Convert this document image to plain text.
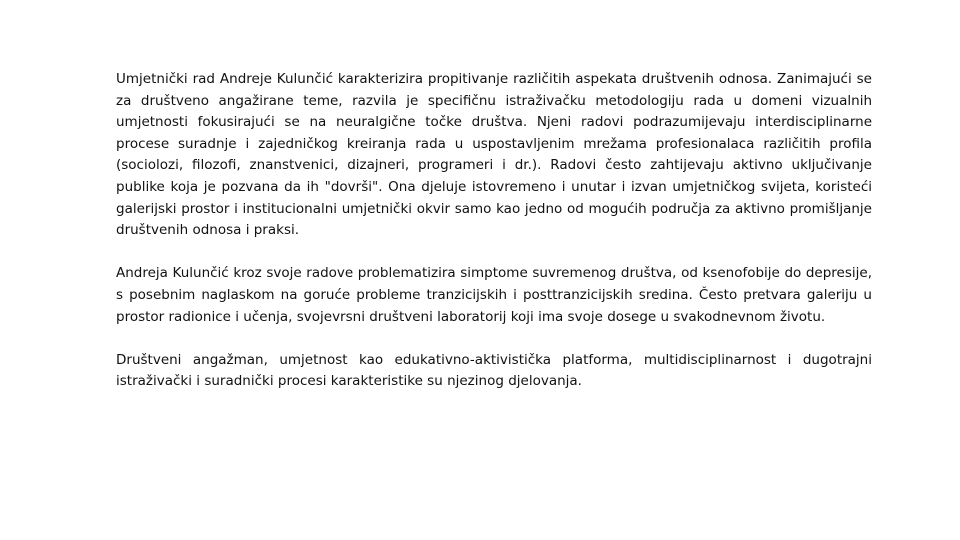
Umjetnički rad Andreje Kulunčić karakterizira propitivanje različitih aspekata društvenih odnosa. Zanimajući se za društveno angažirane teme, razvila je specifičnu istraživačku metodologiju rada u domeni vizualnih umjetnosti fokusirajući se na neuralgične točke društva. Njeni radovi podrazumijevaju interdisciplinarne procese suradnje i zajedničkog kreiranja rada u uspostavljenim mrežama profesionalaca različitih profila (sociolozi, filozofi, znanstvenici, dizajneri, programeri i dr.). Radovi često zahtijevaju aktivno uključivanje publike koja je pozvana da ih "dovrši". Ona djeluje istovremeno i unutar i izvan umjetničkog svijeta, koristeći galerijski prostor i institucionalni umjetnički okvir samo kao jedno od mogućih područja za aktivno promišljanje društvenih odnosa i praksi.

Andreja Kulunčić kroz svoje radove problematizira simptome suvremenog društva, od ksenofobije do depresije, s posebnim naglaskom na goruće probleme tranzicijskih i posttranzicijskih sredina. Često pretvara galeriju u prostor radionice i učenja, svojevrsni društveni laboratorij koji ima svoje dosege u svakodnevnom životu.

Društveni angažman, umjetnost kao edukativno-aktivistička platforma, multidisciplinarnost i dugotrajni istraživački i suradnički procesi karakteristike su njezinog djelovanja.
